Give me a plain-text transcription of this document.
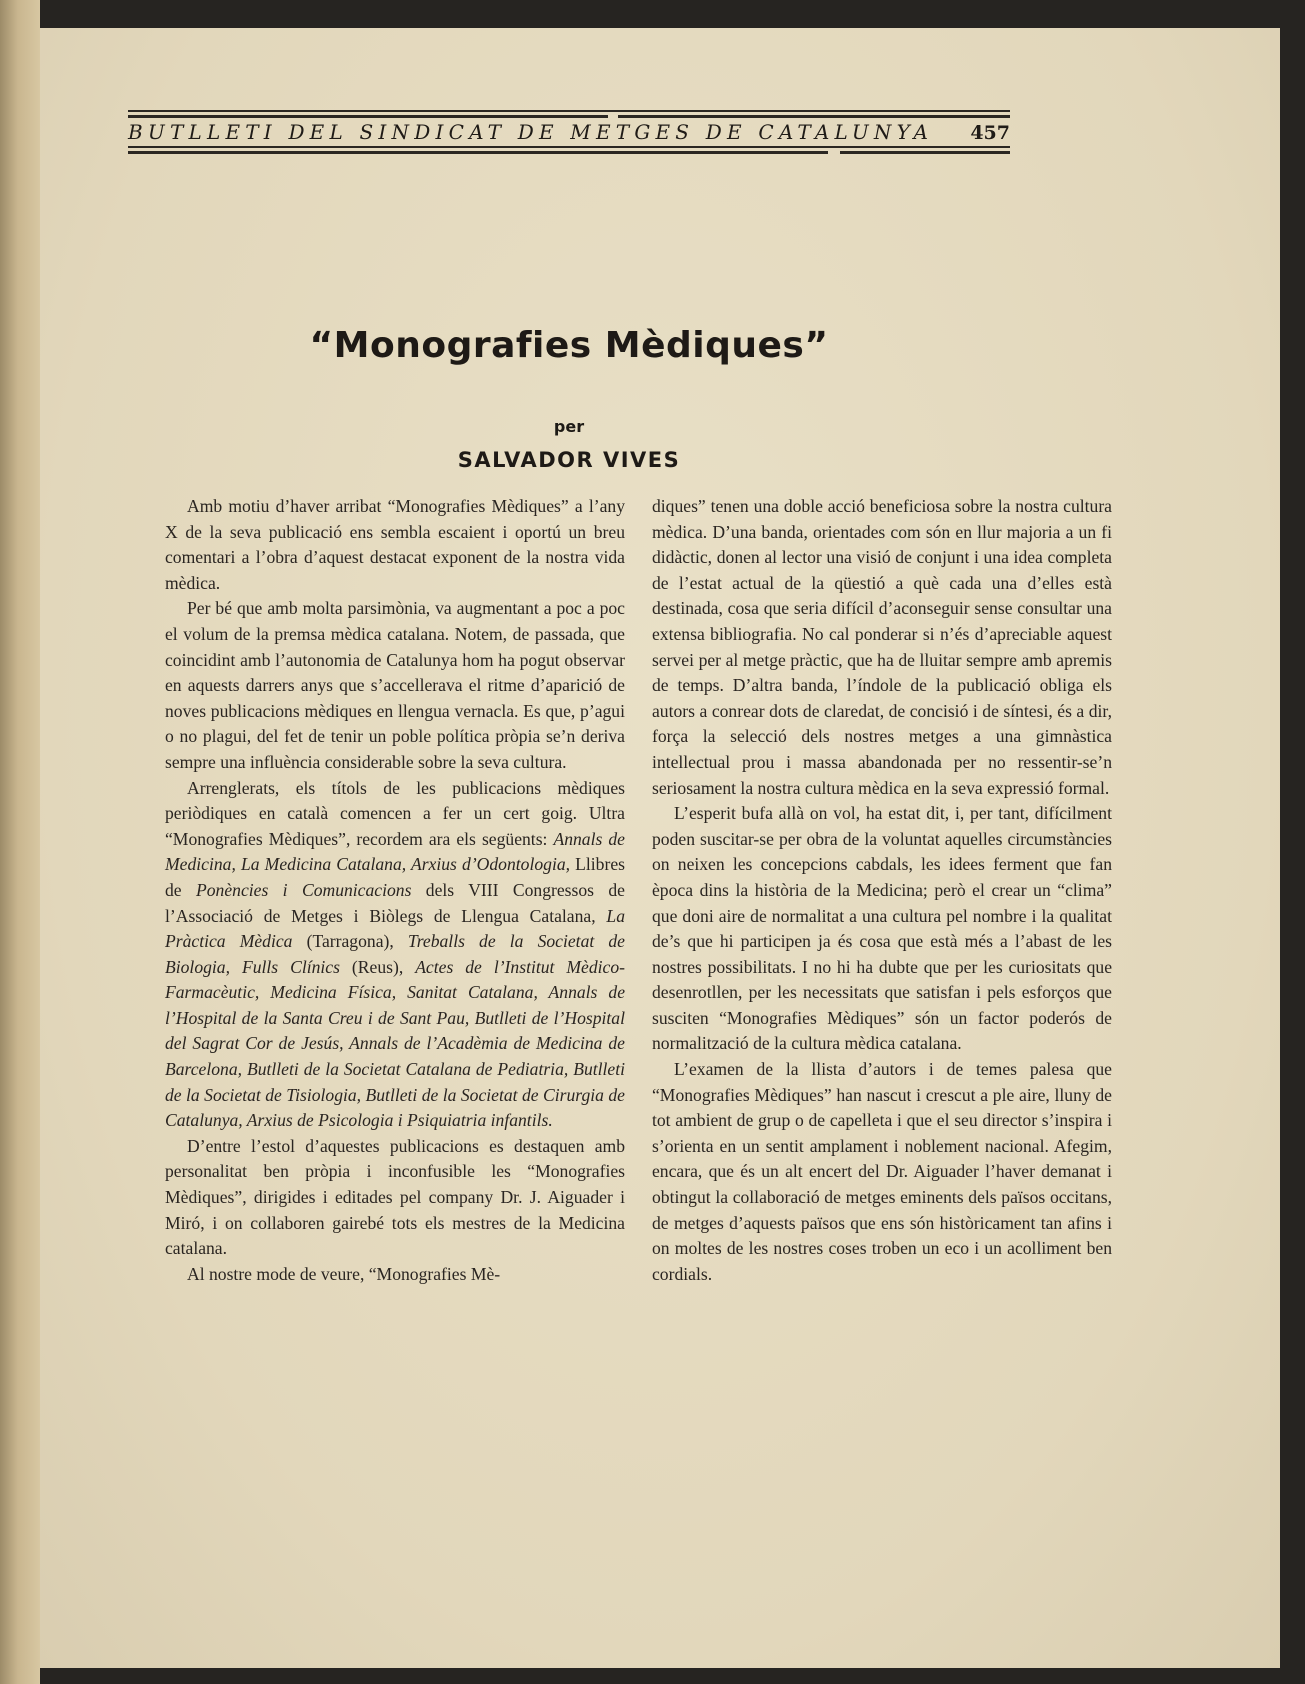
BUTLLETI DEL SINDICAT DE METGES DE CATALUNYA 457
“Monografies Mèdiques”
per
SALVADOR VIVES

Amb motiu d’haver arribat “Monografies Mèdiques” a l’any X de la seva publicació ens sembla escaient i oportú un breu comentari a l’obra d’aquest destacat exponent de la nostra vida mèdica.

Per bé que amb molta parsimònia, va augmentant a poc a poc el volum de la premsa mèdica catalana. Notem, de passada, que coincidint amb l’autonomia de Catalunya hom ha pogut observar en aquests darrers anys que s’accellerava el ritme d’aparició de noves publicacions mèdiques en llengua vernacla. Es que, p’agui o no plagui, del fet de tenir un poble política pròpia se’n deriva sempre una influència considerable sobre la seva cultura.

Arrenglerats, els títols de les publicacions mèdiques periòdiques en català comencen a fer un cert goig. Ultra “Monografies Mèdiques”, recordem ara els següents: Annals de Medicina, La Medicina Catalana, Arxius d’Odontologia, Llibres de Ponències i Comunicacions dels VIII Congressos de l’Associació de Metges i Biòlegs de Llengua Catalana, La Pràctica Mèdica (Tarragona), Treballs de la Societat de Biologia, Fulls Clínics (Reus), Actes de l’Institut Mèdico-Farmacèutic, Medicina Física, Sanitat Catalana, Annals de l’Hospital de la Santa Creu i de Sant Pau, Butlleti de l’Hospital del Sagrat Cor de Jesús, Annals de l’Acadèmia de Medicina de Barcelona, Butlleti de la Societat Catalana de Pediatria, Butlleti de la Societat de Tisiologia, Butlleti de la Societat de Cirurgia de Catalunya, Arxius de Psicologia i Psiquiatria infantils.

D’entre l’estol d’aquestes publicacions es destaquen amb personalitat ben pròpia i inconfusible les “Monografies Mèdiques”, dirigides i editades pel company Dr. J. Aiguader i Miró, i on collaboren gairebé tots els mestres de la Medicina catalana.

Al nostre mode de veure, “Monografies Mè-

diques” tenen una doble acció beneficiosa sobre la nostra cultura mèdica. D’una banda, orientades com són en llur majoria a un fi didàctic, donen al lector una visió de conjunt i una idea completa de l’estat actual de la qüestió a què cada una d’elles està destinada, cosa que seria difícil d’aconseguir sense consultar una extensa bibliografia. No cal ponderar si n’és d’apreciable aquest servei per al metge pràctic, que ha de lluitar sempre amb apremis de temps. D’altra banda, l’índole de la publicació obliga els autors a conrear dots de claredat, de concisió i de síntesi, és a dir, força la selecció dels nostres metges a una gimnàstica intellectual prou i massa abandonada per no ressentir-se’n seriosament la nostra cultura mèdica en la seva expressió formal.

L’esperit bufa allà on vol, ha estat dit, i, per tant, difícilment poden suscitar-se per obra de la voluntat aquelles circumstàncies on neixen les concepcions cabdals, les idees ferment que fan època dins la història de la Medicina; però el crear un “clima” que doni aire de normalitat a una cultura pel nombre i la qualitat de’s que hi participen ja és cosa que està més a l’abast de les nostres possibilitats. I no hi ha dubte que per les curiositats que desenrotllen, per les necessitats que satisfan i pels esforços que susciten “Monografies Mèdiques” són un factor poderós de normalització de la cultura mèdica catalana.

L’examen de la llista d’autors i de temes palesa que “Monografies Mèdiques” han nascut i crescut a ple aire, lluny de tot ambient de grup o de capelleta i que el seu director s’inspira i s’orienta en un sentit amplament i noblement nacional. Afegim, encara, que és un alt encert del Dr. Aiguader l’haver demanat i obtingut la collaboració de metges eminents dels països occitans, de metges d’aquests països que ens són històricament tan afins i on moltes de les nostres coses troben un eco i un acolliment ben cordials.
